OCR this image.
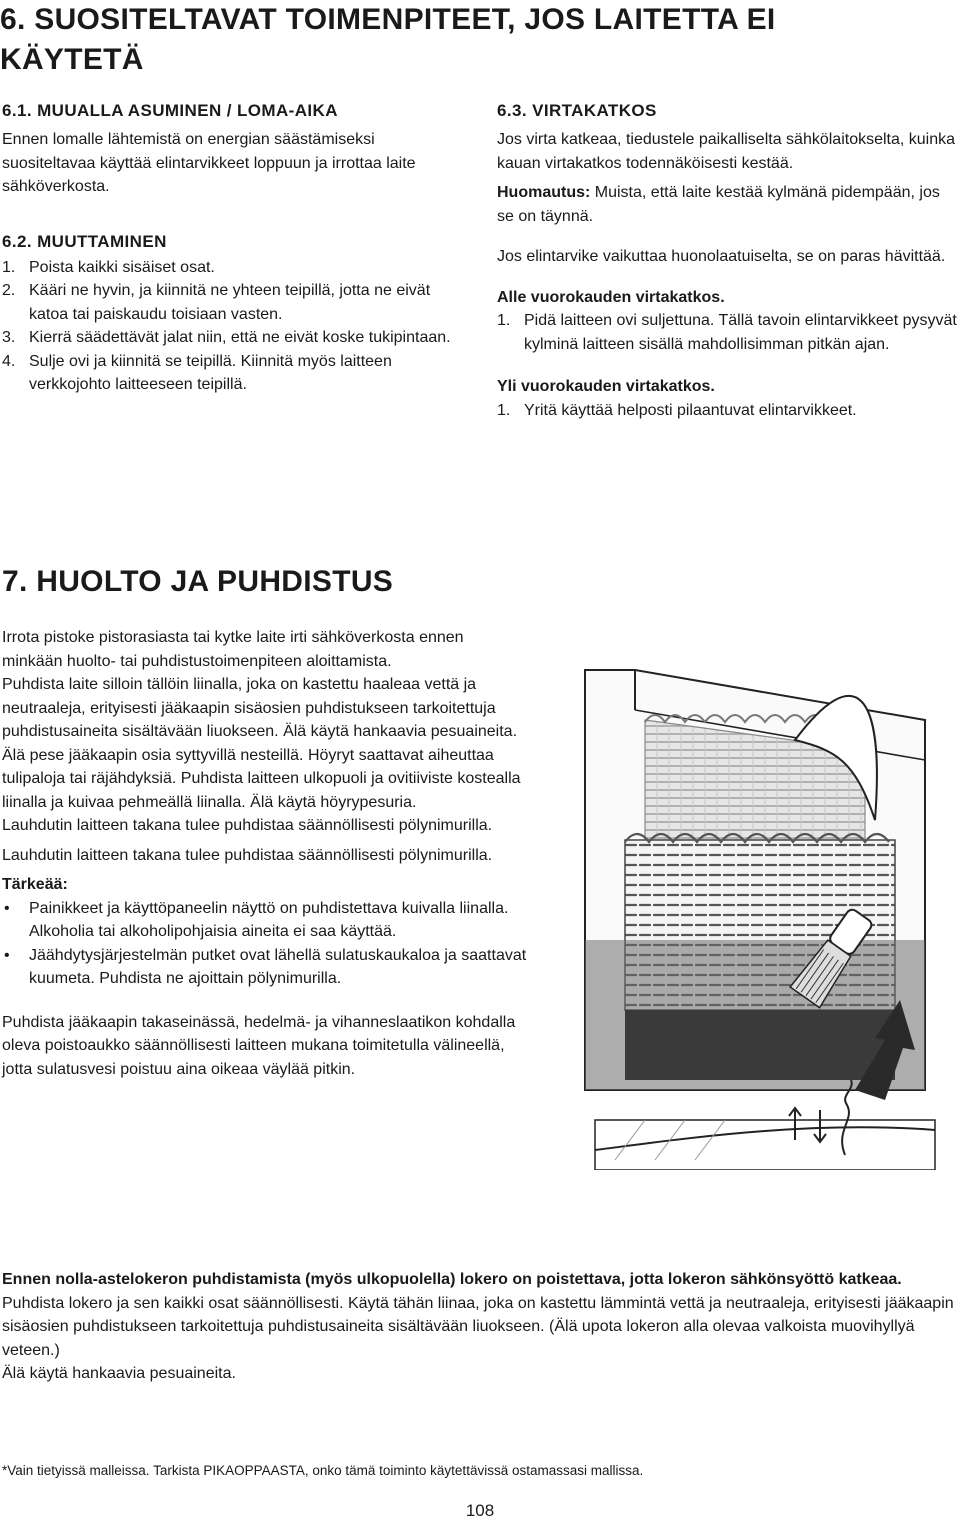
6. SUOSITELTAVAT TOIMENPITEET, JOS LAITETTA EI

KÄYTETÄ

6.1. MUUALLA ASUMINEN / LOMA-AIKA

Ennen lomalle lähtemistä on energian säästämiseksi suositeltavaa käyttää elintarvikkeet loppuun ja irrottaa laite sähköverkosta.

6.2. MUUTTAMINEN

1. Poista kaikki sisäiset osat.
2. Kääri ne hyvin, ja kiinnitä ne yhteen teipillä, jotta ne eivät katoa tai paiskaudu toisiaan vasten.
3. Kierrä säädettävät jalat niin, että ne eivät koske tukipintaan.
4. Sulje ovi ja kiinnitä se teipillä. Kiinnitä myös laitteen verkkojohto laitteeseen teipillä.

6.3. VIRTAKATKOS

Jos virta katkeaa, tiedustele paikalliselta sähkölaitokselta, kuinka kauan virtakatkos todennäköisesti kestää.

Huomautus: Muista, että laite kestää kylmänä pidempään, jos se on täynnä.

Jos elintarvike vaikuttaa huonolaatuiselta, se on paras hävittää.

Alle vuorokauden virtakatkos.

1. Pidä laitteen ovi suljettuna. Tällä tavoin elintarvikkeet pysyvät kylminä laitteen sisällä mahdollisimman pitkän ajan.

Yli vuorokauden virtakatkos.

1. Yritä käyttää helposti pilaantuvat elintarvikkeet.

7. HUOLTO JA PUHDISTUS

Irrota pistoke pistorasiasta tai kytke laite irti sähköverkosta ennen minkään huolto- tai puhdistustoimenpiteen aloittamista.

Puhdista laite silloin tällöin liinalla, joka on kastettu haaleaa vettä ja neutraaleja, erityisesti jääkaapin sisäosien puhdistukseen tarkoitettuja puhdistusaineita sisältävään liuokseen. Älä käytä hankaavia pesuaineita. Älä pese jääkaapin osia syttyvillä nesteillä. Höyryt saattavat aiheuttaa tulipaloja tai räjähdyksiä. Puhdista laitteen ulkopuoli ja ovitiiviste kostealla liinalla ja kuivaa pehmeällä liinalla. Älä käytä höyrypesuria.

Lauhdutin laitteen takana tulee puhdistaa säännöllisesti pölynimurilla.

Lauhdutin laitteen takana tulee puhdistaa säännöllisesti pölynimurilla.

Tärkeää:

• Painikkeet ja käyttöpaneelin näyttö on puhdistettava kuivalla liinalla. Alkoholia tai alkoholipohjaisia aineita ei saa käyttää.
• Jäähdytysjärjestelmän putket ovat lähellä sulatuskaukaloa ja saattavat kuumeta. Puhdista ne ajoittain pölynimurilla.

Puhdista jääkaapin takaseinässä, hedelmä- ja vihanneslaatikon kohdalla oleva poistoaukko säännöllisesti laitteen mukana toimitetulla välineellä, jotta sulatusvesi poistuu aina oikeaa väylää pitkin.

Ennen nolla-astelokeron puhdistamista (myös ulkopuolella) lokero on poistettava, jotta lokeron sähkönsyöttö katkeaa.

Puhdista lokero ja sen kaikki osat säännöllisesti. Käytä tähän liinaa, joka on kastettu lämmintä vettä ja neutraaleja, erityisesti jääkaapin sisäosien puhdistukseen tarkoitettuja puhdistusaineita sisältävään liuokseen. (Älä upota lokeron alla olevaa valkoista muovihyllyä veteen.)

Älä käytä hankaavia pesuaineita.

*Vain tietyissä malleissa. Tarkista PIKAOPPAASTA, onko tämä toiminto käytettävissä ostamassasi mallissa.

108
